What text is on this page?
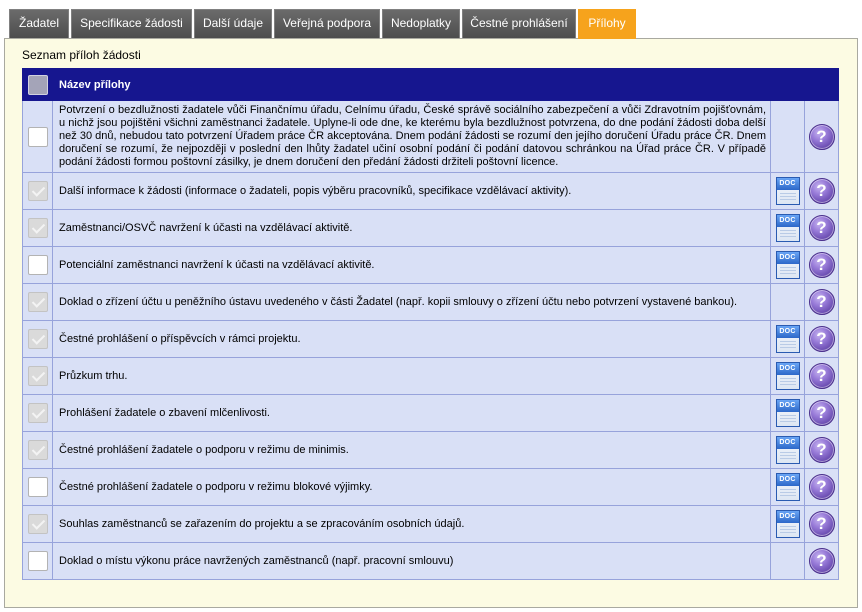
Žadatel	Specifikace žádosti	Další údaje	Veřejná podpora	Nedoplatky	Čestné prohlášení	Přílohy
Seznam příloh žádosti
	Název přílohy		
	Potvrzení o bezdlužnosti žadatele vůči Finančnímu úřadu, Celnímu úřadu, České správě sociálního zabezpečení a vůči Zdravotním pojišťovnám, u nichž jsou pojištěni všichni zaměstnanci žadatele. Uplyne-li ode dne, ke kterému byla bezdlužnost potvrzena, do dne podání žádosti doba delší než 30 dnů, nebudou tato potvrzení Úřadem práce ČR akceptována. Dnem podání žádosti se rozumí den jejího doručení Úřadu práce ČR. Dnem doručení se rozumí, že nejpozději v poslední den lhůty žadatel učiní osobní podání či podání datovou schránkou na Úřad práce ČR. V případě podání žádosti formou poštovní zásilky, je dnem doručení den předání žádosti držiteli poštovní licence.		?
	Další informace k žádosti (informace o žadateli, popis výběru pracovníků, specifikace vzdělávací aktivity).	DOC	?
	Zaměstnanci/OSVČ navržení k účasti na vzdělávací aktivitě.	DOC	?
	Potenciální zaměstnanci navržení k účasti na vzdělávací aktivitě.	DOC	?
	Doklad o zřízení účtu u peněžního ústavu uvedeného v části Žadatel (např. kopii smlouvy o zřízení účtu nebo potvrzení vystavené bankou).		?
	Čestné prohlášení o příspěvcích v rámci projektu.	DOC	?
	Průzkum trhu.	DOC	?
	Prohlášení žadatele o zbavení mlčenlivosti.	DOC	?
	Čestné prohlášení žadatele o podporu v režimu de minimis.	DOC	?
	Čestné prohlášení žadatele o podporu v režimu blokové výjimky.	DOC	?
	Souhlas zaměstnanců se zařazením do projektu a se zpracováním osobních údajů.	DOC	?
	Doklad o místu výkonu práce navržených zaměstnanců (např. pracovní smlouvu)		?
